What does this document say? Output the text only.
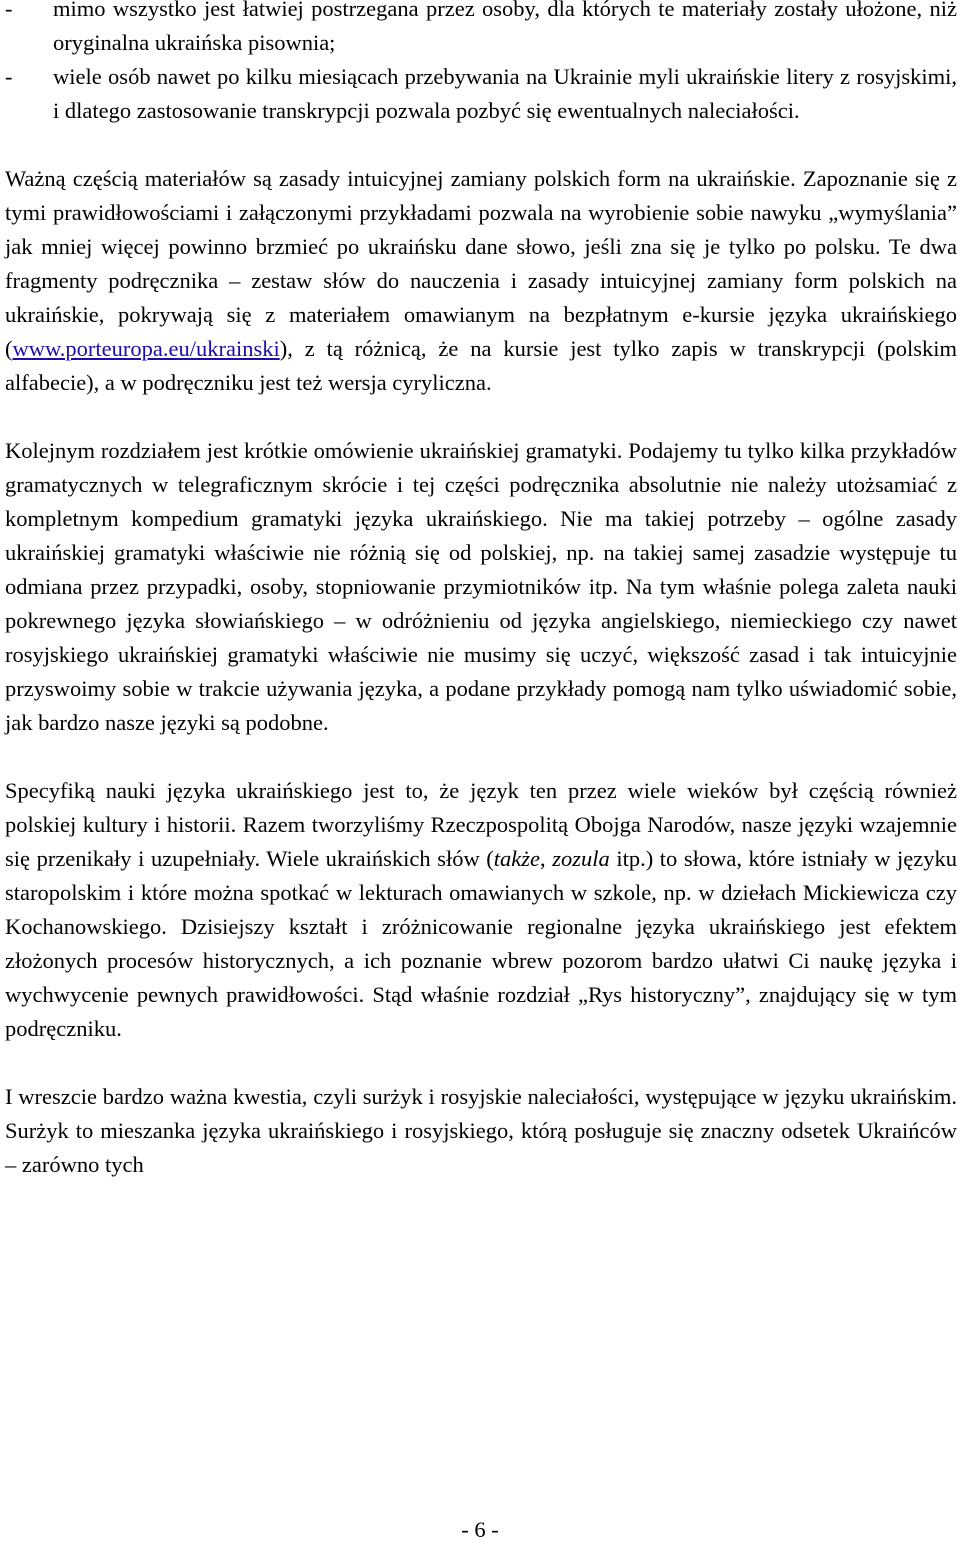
- mimo wszystko jest łatwiej postrzegana przez osoby, dla których te materiały zostały ułożone, niż oryginalna ukraińska pisownia;
- wiele osób nawet po kilku miesiącach przebywania na Ukrainie myli ukraińskie litery z rosyjskimi, i dlatego zastosowanie transkrypcji pozwala pozbyć się ewentualnych naleciałości.

Ważną częścią materiałów są zasady intuicyjnej zamiany polskich form na ukraińskie. Zapoznanie się z tymi prawidłowościami i załączonymi przykładami pozwala na wyrobienie sobie nawyku „wymyślania” jak mniej więcej powinno brzmieć po ukraińsku dane słowo, jeśli zna się je tylko po polsku. Te dwa fragmenty podręcznika – zestaw słów do nauczenia i zasady intuicyjnej zamiany form polskich na ukraińskie, pokrywają się z materiałem omawianym na bezpłatnym e-kursie języka ukraińskiego (www.porteuropa.eu/ukrainski), z tą różnicą, że na kursie jest tylko zapis w transkrypcji (polskim alfabecie), a w podręczniku jest też wersja cyryliczna.

Kolejnym rozdziałem jest krótkie omówienie ukraińskiej gramatyki. Podajemy tu tylko kilka przykładów gramatycznych w telegraficznym skrócie i tej części podręcznika absolutnie nie należy utożsamiać z kompletnym kompedium gramatyki języka ukraińskiego. Nie ma takiej potrzeby – ogólne zasady ukraińskiej gramatyki właściwie nie różnią się od polskiej, np. na takiej samej zasadzie występuje tu odmiana przez przypadki, osoby, stopniowanie przymiotników itp. Na tym właśnie polega zaleta nauki pokrewnego języka słowiańskiego – w odróżnieniu od języka angielskiego, niemieckiego czy nawet rosyjskiego ukraińskiej gramatyki właściwie nie musimy się uczyć, większość zasad i tak intuicyjnie przyswoimy sobie w trakcie używania języka, a podane przykłady pomogą nam tylko uświadomić sobie, jak bardzo nasze języki są podobne.

Specyfiką nauki języka ukraińskiego jest to, że język ten przez wiele wieków był częścią również polskiej kultury i historii. Razem tworzyliśmy Rzeczpospolitą Obojga Narodów, nasze języki wzajemnie się przenikały i uzupełniały. Wiele ukraińskich słów (także, zozula itp.) to słowa, które istniały w języku staropolskim i które można spotkać w lekturach omawianych w szkole, np. w dziełach Mickiewicza czy Kochanowskiego. Dzisiejszy kształt i zróżnicowanie regionalne języka ukraińskiego jest efektem złożonych procesów historycznych, a ich poznanie wbrew pozorom bardzo ułatwi Ci naukę języka i wychwycenie pewnych prawidłowości. Stąd właśnie rozdział „Rys historyczny”, znajdujący się w tym podręczniku.

I wreszcie bardzo ważna kwestia, czyli surżyk i rosyjskie naleciałości, występujące w języku ukraińskim. Surżyk to mieszanka języka ukraińskiego i rosyjskiego, którą posługuje się znaczny odsetek Ukraińców – zarówno tych

- 6 -
